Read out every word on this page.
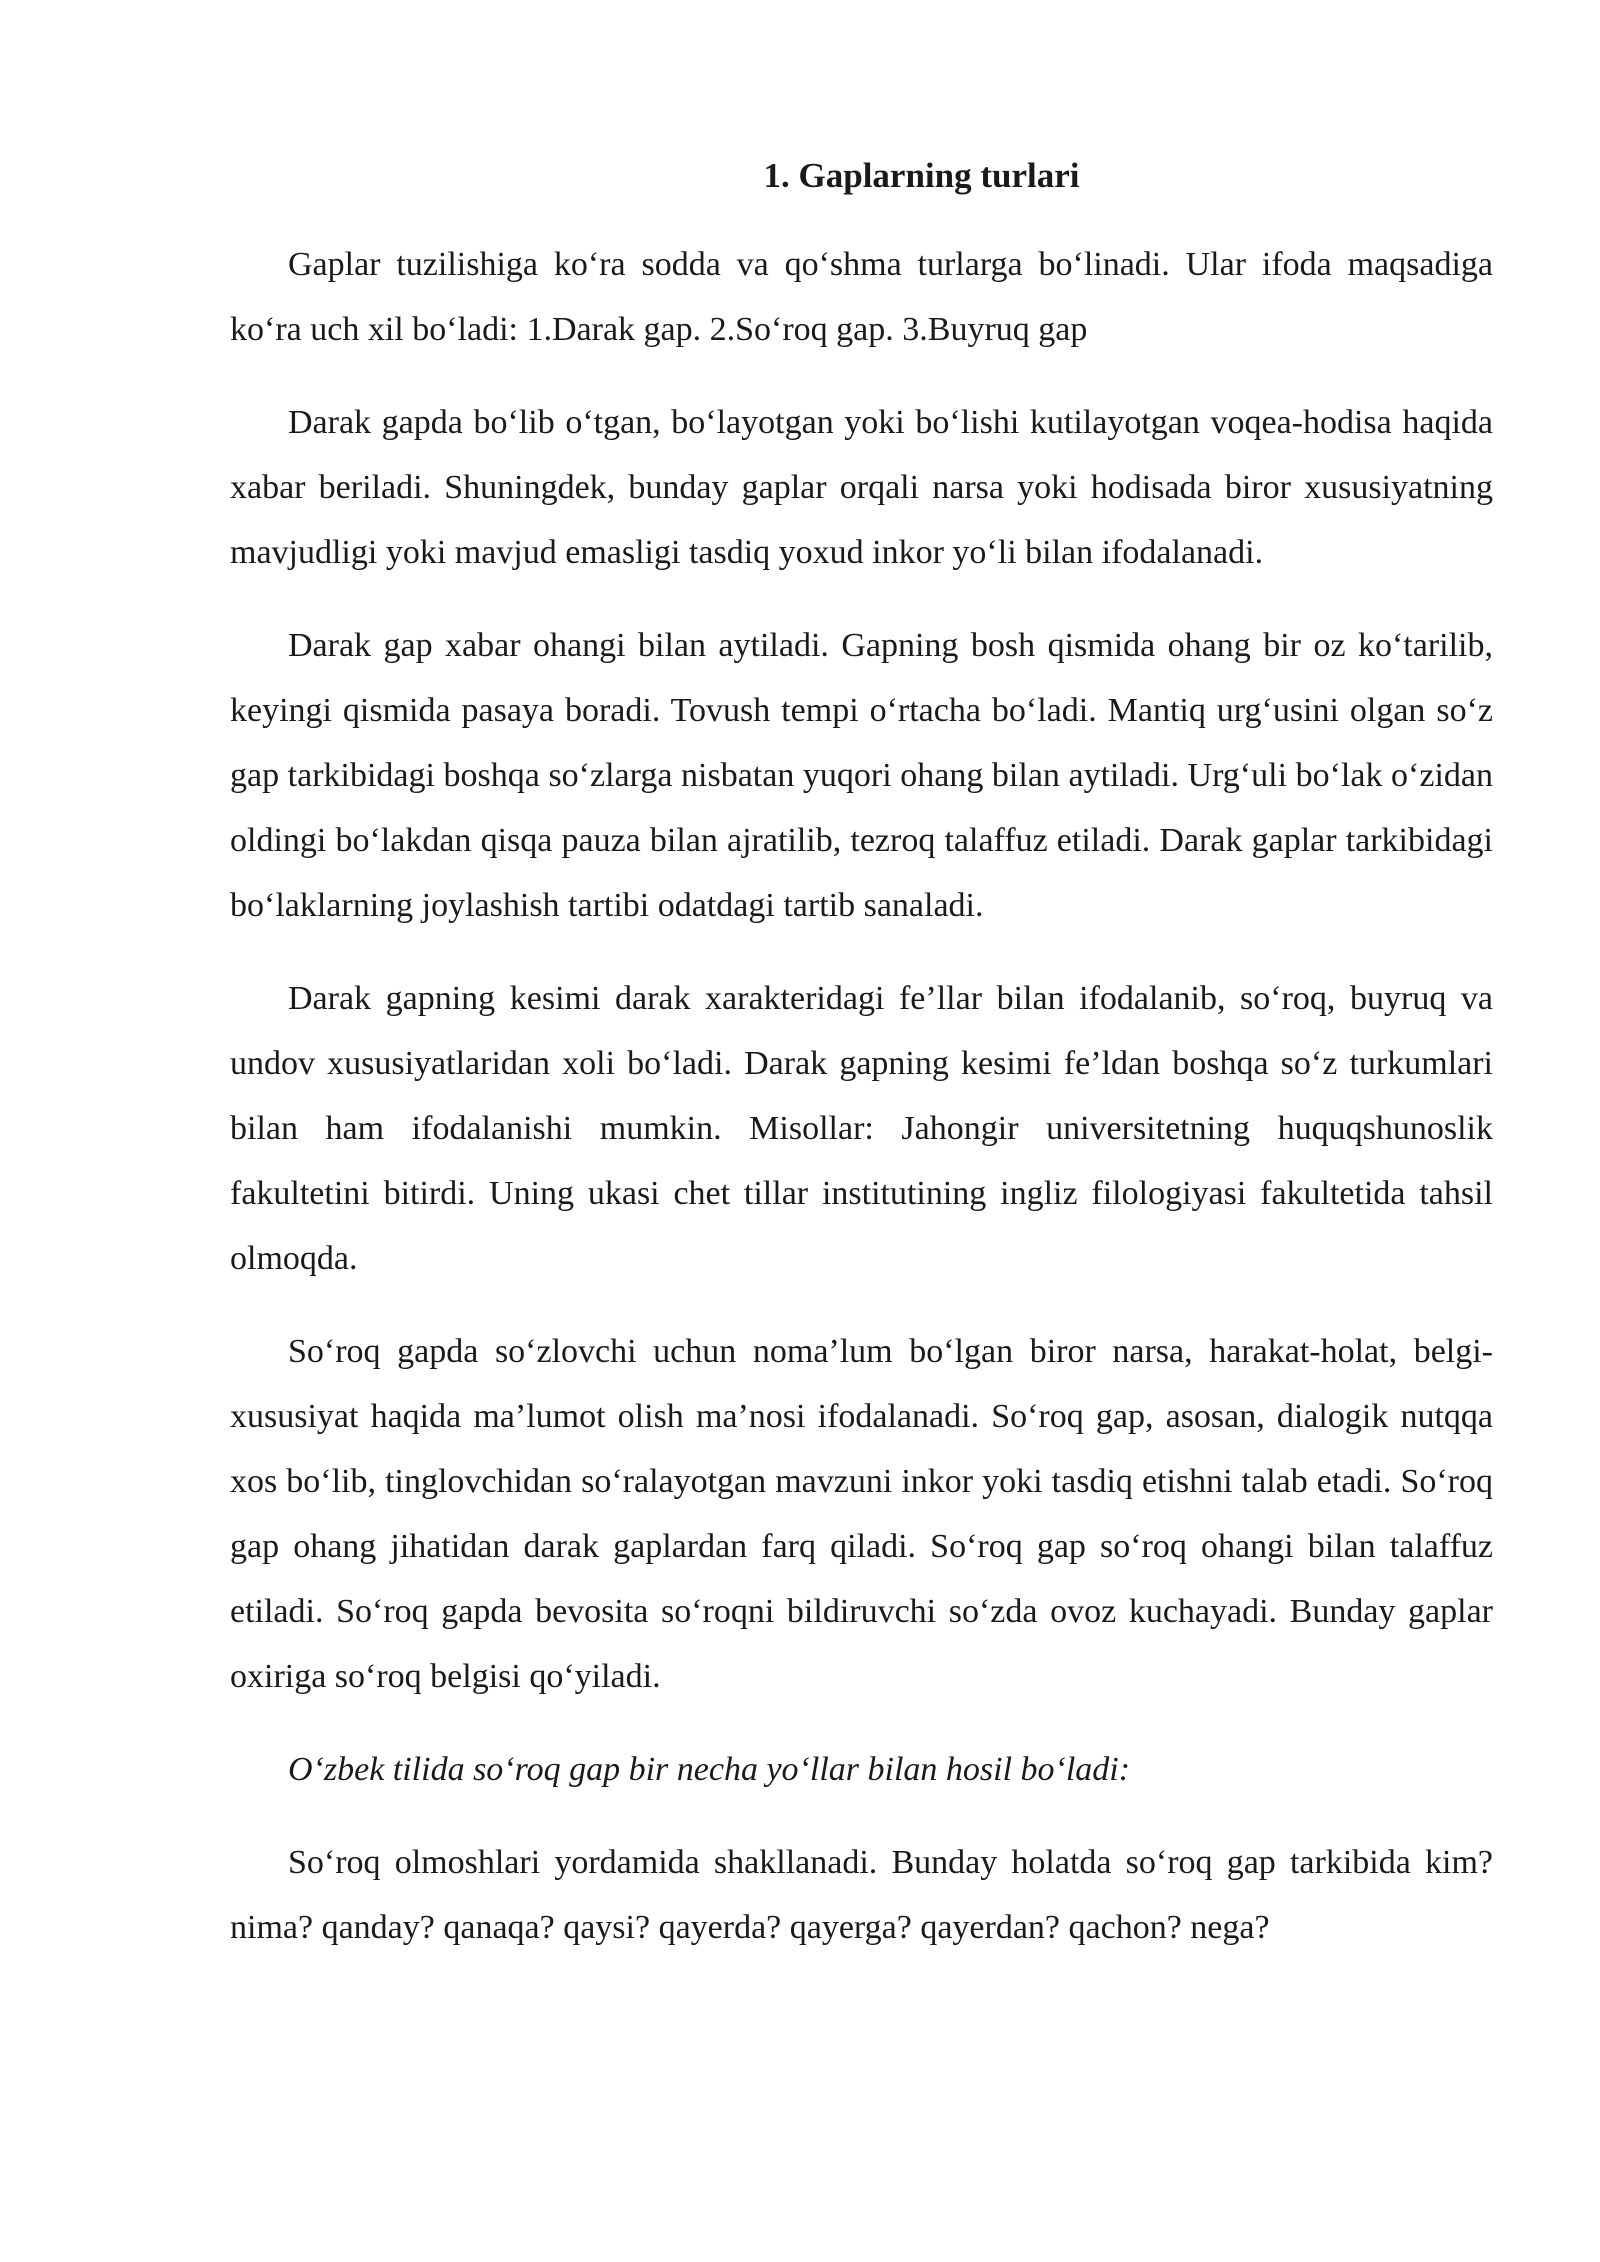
1. Gaplarning turlari

Gaplar tuzilishiga ko‘ra sodda va qo‘shma turlarga bo‘linadi. Ular ifoda maqsadiga ko‘ra uch xil bo‘ladi: 1.Darak gap. 2.So‘roq gap. 3.Buyruq gap

Darak gapda bo‘lib o‘tgan, bo‘layotgan yoki bo‘lishi kutilayotgan voqea-hodisa haqida xabar beriladi. Shuningdek, bunday gaplar orqali narsa yoki hodisada biror xususiyatning mavjudligi yoki mavjud emasligi tasdiq yoxud inkor yo‘li bilan ifodalanadi.

Darak gap xabar ohangi bilan aytiladi. Gapning bosh qismida ohang bir oz ko‘tarilib, keyingi qismida pasaya boradi. Tovush tempi o‘rtacha bo‘ladi. Mantiq urg‘usini olgan so‘z gap tarkibidagi boshqa so‘zlarga nisbatan yuqori ohang bilan aytiladi. Urg‘uli bo‘lak o‘zidan oldingi bo‘lakdan qisqa pauza bilan ajratilib, tezroq talaffuz etiladi. Darak gaplar tarkibidagi bo‘laklarning joylashish tartibi odatdagi tartib sanaladi.

Darak gapning kesimi darak xarakteridagi fe’llar bilan ifodalanib, so‘roq, buyruq va undov xususiyatlaridan xoli bo‘ladi. Darak gapning kesimi fe’ldan boshqa so‘z turkumlari bilan ham ifodalanishi mumkin. Misollar: Jahongir universitetning huquqshunoslik fakultetini bitirdi. Uning ukasi chet tillar institutining ingliz filologiyasi fakultetida tahsil olmoqda.

So‘roq gapda so‘zlovchi uchun noma’lum bo‘lgan biror narsa, harakat-holat, belgi-xususiyat haqida ma’lumot olish ma’nosi ifodalanadi. So‘roq gap, asosan, dialogik nutqqa xos bo‘lib, tinglovchidan so‘ralayotgan mavzuni inkor yoki tasdiq etishni talab etadi. So‘roq gap ohang jihatidan darak gaplardan farq qiladi. So‘roq gap so‘roq ohangi bilan talaffuz etiladi. So‘roq gapda bevosita so‘roqni bildiruvchi so‘zda ovoz kuchayadi. Bunday gaplar oxiriga so‘roq belgisi qo‘yiladi.

O‘zbek tilida so‘roq gap bir necha yo‘llar bilan hosil bo‘ladi:

So‘roq olmoshlari yordamida shakllanadi. Bunday holatda so‘roq gap tarkibida kim? nima? qanday? qanaqa? qaysi? qayerda? qayerga? qayerdan? qachon? nega?
